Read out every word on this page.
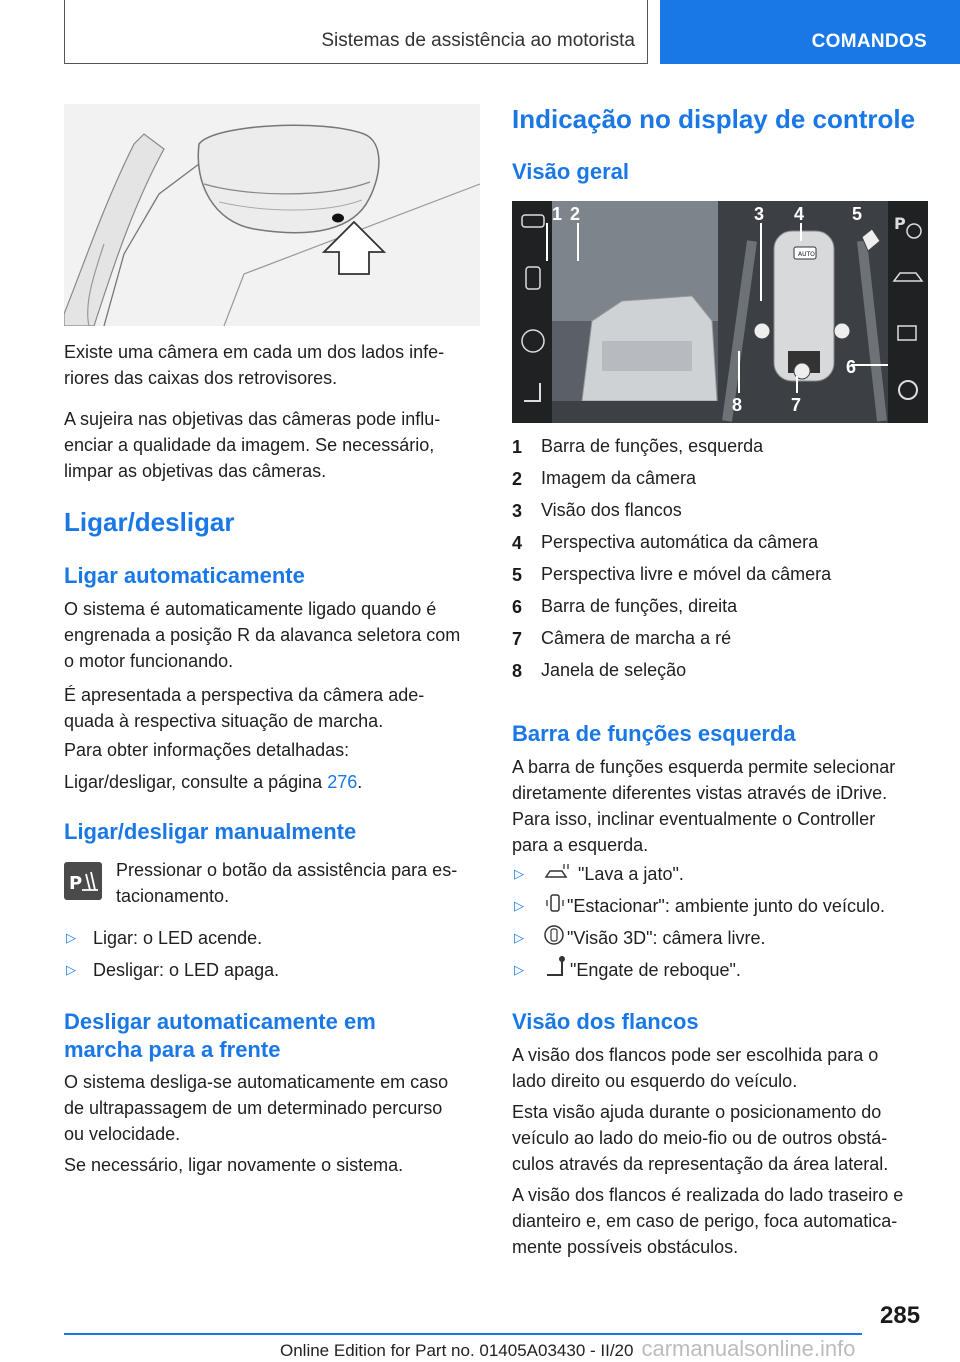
Sistemas de assistência ao motorista	COMANDOS

Existe uma câmera em cada um dos lados infe-
riores das caixas dos retrovisores.

A sujeira nas objetivas das câmeras pode influ-
enciar a qualidade da imagem. Se necessário,
limpar as objetivas das câmeras.

Ligar/desligar
Ligar automaticamente

O sistema é automaticamente ligado quando é
engrenada a posição R da alavanca seletora com
o motor funcionando.

É apresentada a perspectiva da câmera ade-
quada à respectiva situação de marcha.

Para obter informações detalhadas:

Ligar/desligar, consulte a página 276.

Ligar/desligar manualmente
P

Pressionar o botão da assistência para es-
tacionamento.

▷ Ligar: o LED acende.

▷ Desligar: o LED apaga.

Desligar automaticamente em
marcha para a frente

O sistema desliga-se automaticamente em caso
de ultrapassagem de um determinado percurso
ou velocidade.

Se necessário, ligar novamente o sistema.

Indicação no display de controle
Visão geral
AUTO
P
1 2	3 4	5
6
7
8
1 Barra de funções, esquerda

2 Imagem da câmera

3 Visão dos flancos

4 Perspectiva automática da câmera

5 Perspectiva livre e móvel da câmera

6 Barra de funções, direita

7 Câmera de marcha a ré

8 Janela de seleção

Barra de funções esquerda

A barra de funções esquerda permite selecionar
diretamente diferentes vistas através de iDrive.
Para isso, inclinar eventualmente o Controller
para a esquerda.

▷	"Lava a jato".

▷ "Estacionar": ambiente junto do veículo.

▷ "Visão 3D": câmera livre.

▷	"Engate de reboque".

Visão dos flancos

A visão dos flancos pode ser escolhida para o
lado direito ou esquerdo do veículo.

Esta visão ajuda durante o posicionamento do
veículo ao lado do meio-fio ou de outros obstá-
culos através da representação da área lateral.

A visão dos flancos é realizada do lado traseiro e
dianteiro e, em caso de perigo, foca automatica-
mente possíveis obstáculos.

285
Online Edition for Part no. 01405A03430 - II/20 carmanualsonline.info
